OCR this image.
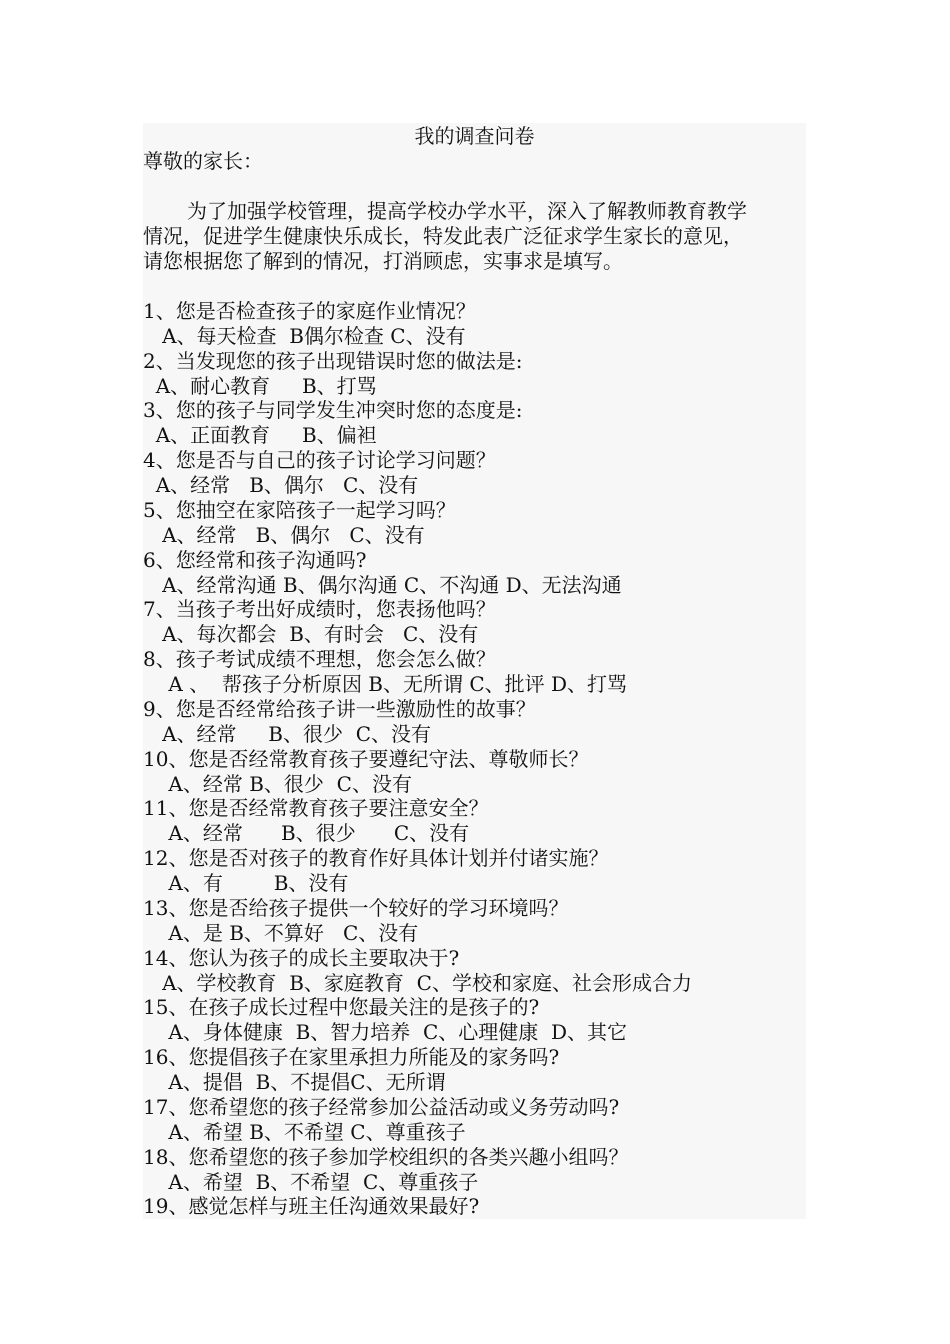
我的调查问卷
尊敬的家长：
为了加强学校管理，提高学校办学水平，深入了解教师教育教学
情况，促进学生健康快乐成长，特发此表广泛征求学生家长的意见，
请您根据您了解到的情况，打消顾虑，实事求是填写。
1、您是否检查孩子的家庭作业情况？
A、每天检查  B偶尔检查 C、没有
2、当发现您的孩子出现错误时您的做法是:
A、耐心教育     B、打骂
3、您的孩子与同学发生冲突时您的态度是:
A、正面教育     B、偏袒
4、您是否与自己的孩子讨论学习问题？
A、经常   B、偶尔   C、没有
5、您抽空在家陪孩子一起学习吗？
A、经常   B、偶尔   C、没有
6、您经常和孩子沟通吗?
A、经常沟通 B、偶尔沟通 C、不沟通 D、无法沟通
7、当孩子考出好成绩时，您表扬他吗？
A、每次都会  B、有时会   C、没有
8、孩子考试成绩不理想，您会怎么做？
A 、  帮孩子分析原因 B、无所谓 C、批评 D、打骂
9、您是否经常给孩子讲一些激励性的故事？
A、经常     B、很少  C、没有
10、您是否经常教育孩子要遵纪守法、尊敬师长？
A、经常 B、很少  C、没有
11、您是否经常教育孩子要注意安全？
A、经常      B、很少      C、没有
12、您是否对孩子的教育作好具体计划并付诸实施？
A、有        B、没有
13、您是否给孩子提供一个较好的学习环境吗？
A、是 B、不算好   C、没有
14、您认为孩子的成长主要取决于?
A、学校教育  B、家庭教育  C、学校和家庭、社会形成合力
15、在孩子成长过程中您最关注的是孩子的?
A、身体健康  B、智力培养  C、心理健康  D、其它
16、您提倡孩子在家里承担力所能及的家务吗?
A、提倡  B、不提倡C、无所谓
17、您希望您的孩子经常参加公益活动或义务劳动吗?
A、希望 B、不希望 C、尊重孩子
18、您希望您的孩子参加学校组织的各类兴趣小组吗？
A、希望  B、不希望  C、尊重孩子
19、感觉怎样与班主任沟通效果最好?
